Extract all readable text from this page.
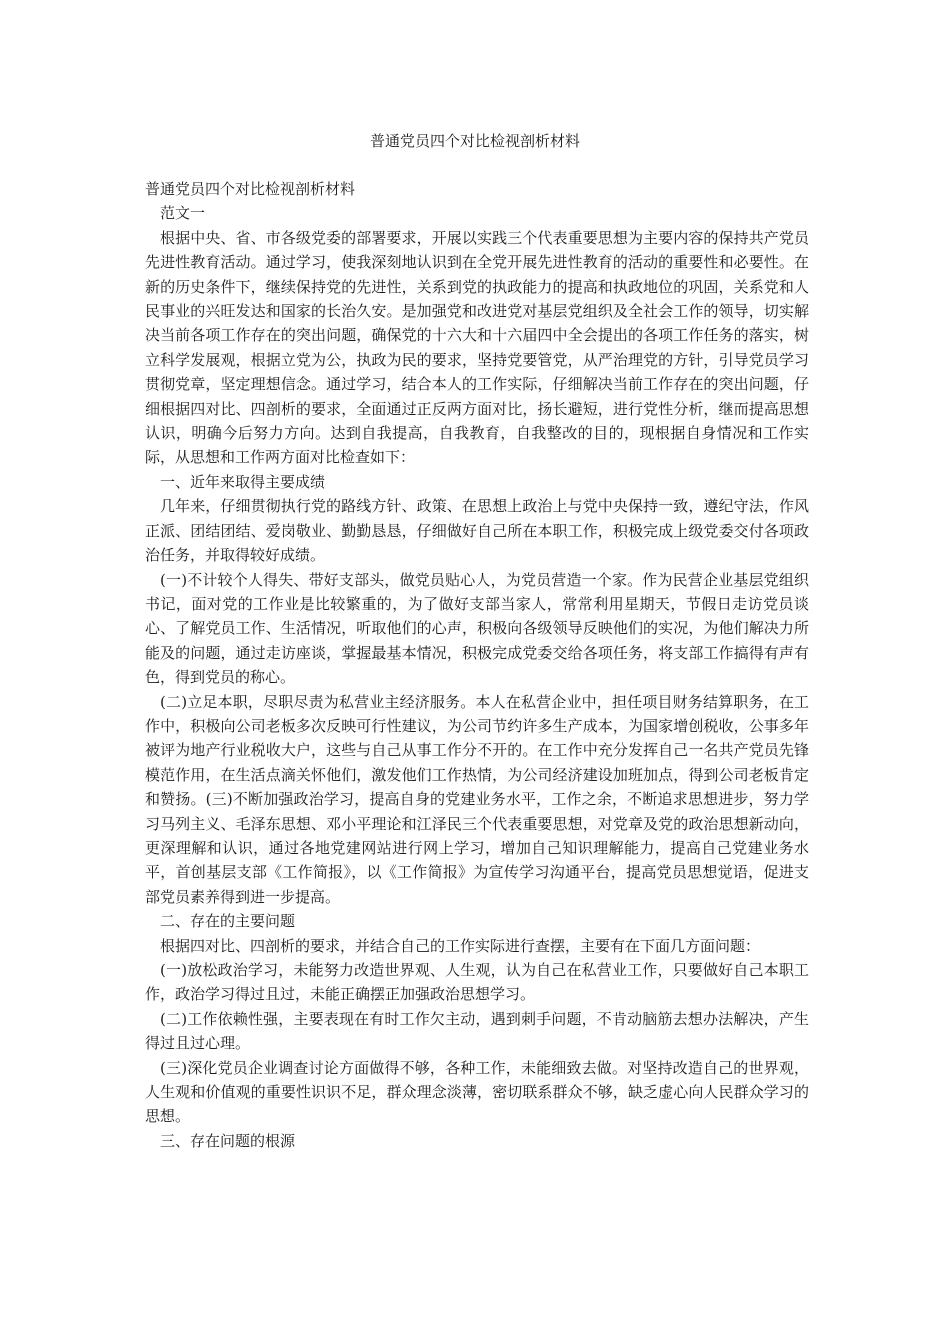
普通党员四个对比检视剖析材料

普通党员四个对比检视剖析材料

范文一

根据中央、省、市各级党委的部署要求，开展以实践三个代表重要思想为主要内容的保持共产党员先进性教育活动。通过学习，使我深刻地认识到在全党开展先进性教育的活动的重要性和必要性。在新的历史条件下，继续保持党的先进性，关系到党的执政能力的提高和执政地位的巩固，关系党和人民事业的兴旺发达和国家的长治久安。是加强党和改进党对基层党组织及全社会工作的领导，切实解决当前各项工作存在的突出问题，确保党的十六大和十六届四中全会提出的各项工作任务的落实，树立科学发展观，根据立党为公，执政为民的要求，坚持党要管党，从严治理党的方针，引导党员学习贯彻党章，坚定理想信念。通过学习，结合本人的工作实际，仔细解决当前工作存在的突出问题，仔细根据四对比、四剖析的要求，全面通过正反两方面对比，扬长避短，进行党性分析，继而提高思想认识，明确今后努力方向。达到自我提高，自我教育，自我整改的目的，现根据自身情况和工作实际，从思想和工作两方面对比检查如下：

一、近年来取得主要成绩

几年来，仔细贯彻执行党的路线方针、政策、在思想上政治上与党中央保持一致，遵纪守法，作风正派、团结团结、爱岗敬业、勤勤恳恳，仔细做好自己所在本职工作，积极完成上级党委交付各项政治任务，并取得较好成绩。

(一)不计较个人得失、带好支部头，做党员贴心人，为党员营造一个家。作为民营企业基层党组织书记，面对党的工作业是比较繁重的，为了做好支部当家人，常常利用星期天，节假日走访党员谈心、了解党员工作、生活情况，听取他们的心声，积极向各级领导反映他们的实况，为他们解决力所能及的问题，通过走访座谈，掌握最基本情况，积极完成党委交给各项任务，将支部工作搞得有声有色，得到党员的称心。

(二)立足本职，尽职尽责为私营业主经济服务。本人在私营企业中，担任项目财务结算职务，在工作中，积极向公司老板多次反映可行性建议，为公司节约许多生产成本，为国家增创税收，公事多年被评为地产行业税收大户，这些与自己从事工作分不开的。在工作中充分发挥自己一名共产党员先锋模范作用，在生活点滴关怀他们，激发他们工作热情，为公司经济建设加班加点，得到公司老板肯定和赞扬。(三)不断加强政治学习，提高自身的党建业务水平，工作之余，不断追求思想进步，努力学习马列主义、毛泽东思想、邓小平理论和江泽民三个代表重要思想，对党章及党的政治思想新动向，更深理解和认识，通过各地党建网站进行网上学习，增加自己知识理解能力，提高自己党建业务水平，首创基层支部《工作简报》，以《工作简报》为宣传学习沟通平台，提高党员思想觉语，促进支部党员素养得到进一步提高。

二、存在的主要问题

根据四对比、四剖析的要求，并结合自己的工作实际进行查摆，主要有在下面几方面问题：

(一)放松政治学习，未能努力改造世界观、人生观，认为自己在私营业工作，只要做好自己本职工作，政治学习得过且过，未能正确摆正加强政治思想学习。

(二)工作依赖性强，主要表现在有时工作欠主动，遇到刺手问题，不肯动脑筋去想办法解决，产生得过且过心理。

(三)深化党员企业调查讨论方面做得不够，各种工作，未能细致去做。对坚持改造自己的世界观，人生观和价值观的重要性识识不足，群众理念淡薄，密切联系群众不够，缺乏虚心向人民群众学习的思想。

三、存在问题的根源
